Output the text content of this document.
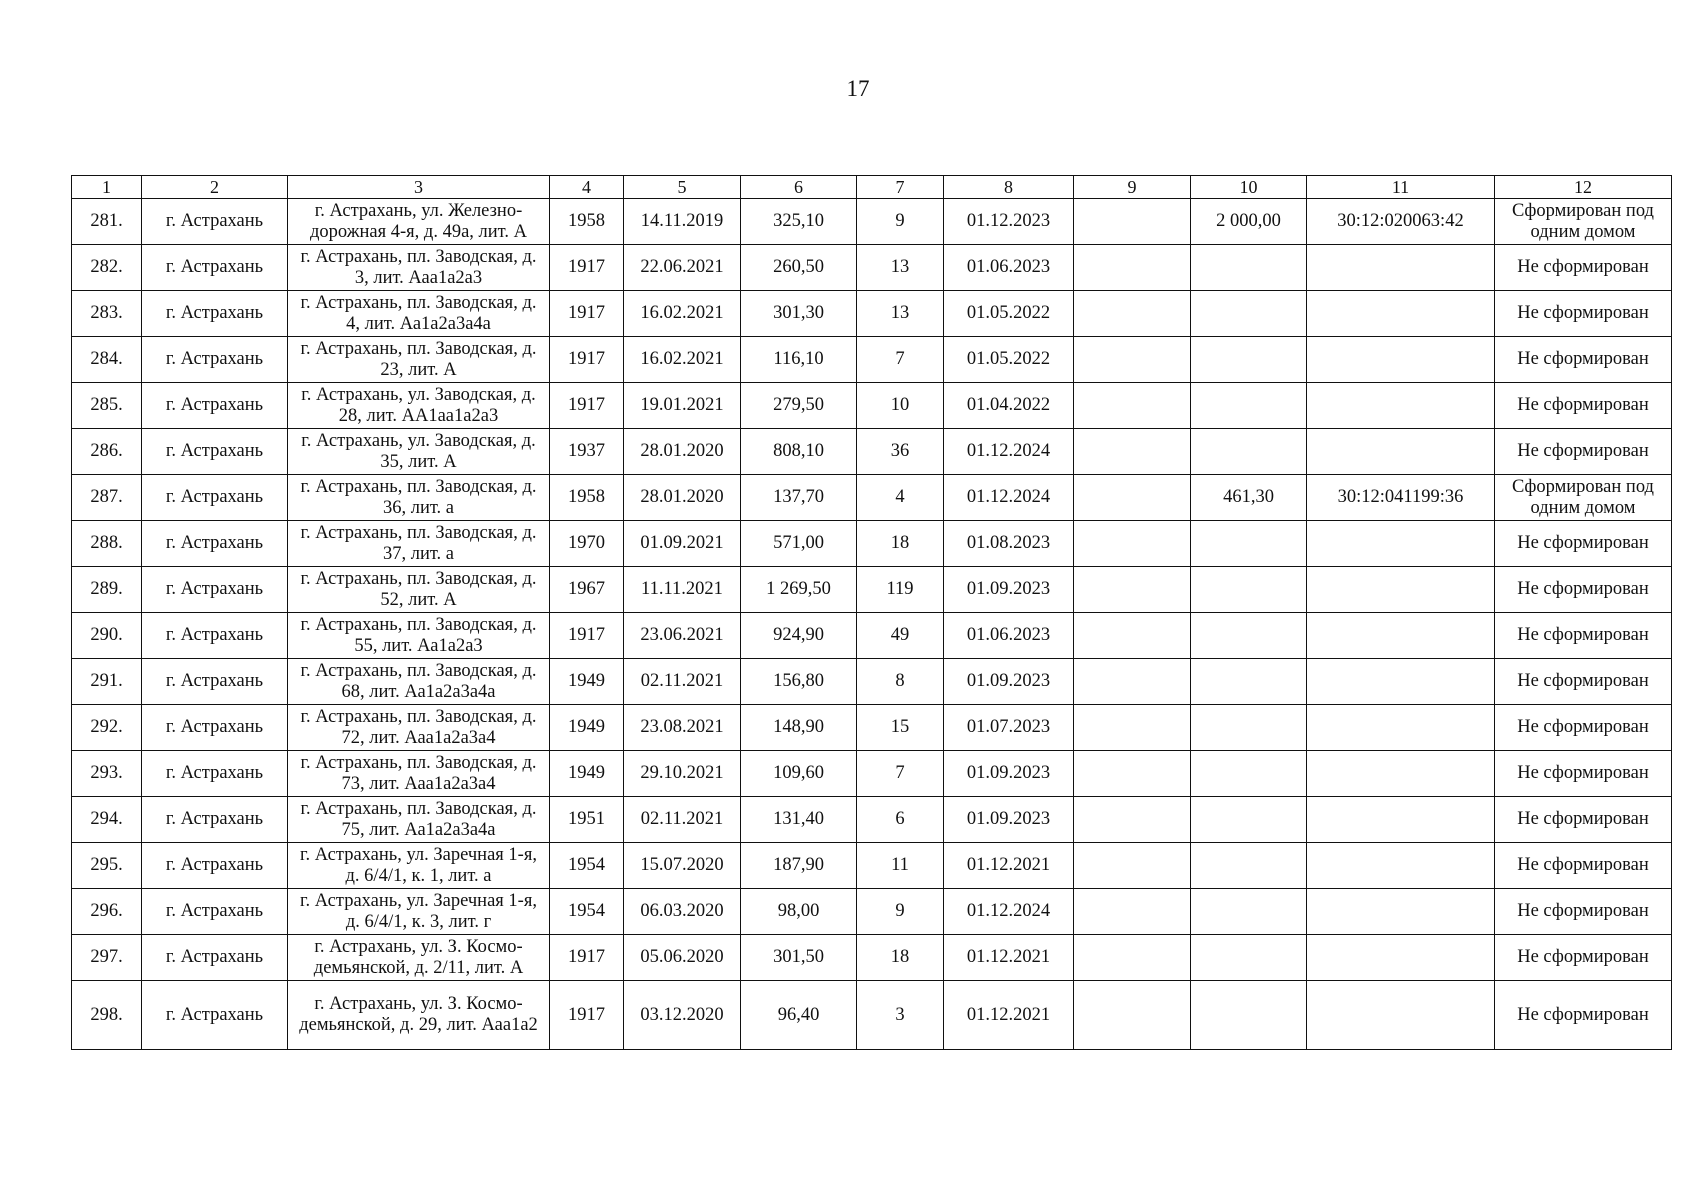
17
1	2	3	4	5	6	7	8	9	10	11	12
281.	г. Астрахань	г. Астрахань, ул. Железно-дорожная 4-я, д. 49а, лит. А	1958	14.11.2019	325,10	9	01.12.2023		2 000,00	30:12:020063:42	Сформирован под одним домом
282.	г. Астрахань	г. Астрахань, пл. Заводская, д. 3, лит. Ааа1а2а3	1917	22.06.2021	260,50	13	01.06.2023				Не сформирован
283.	г. Астрахань	г. Астрахань, пл. Заводская, д. 4, лит. Аа1а2а3а4а	1917	16.02.2021	301,30	13	01.05.2022				Не сформирован
284.	г. Астрахань	г. Астрахань, пл. Заводская, д. 23, лит. А	1917	16.02.2021	116,10	7	01.05.2022				Не сформирован
285.	г. Астрахань	г. Астрахань, ул. Заводская, д. 28, лит. АА1аа1а2а3	1917	19.01.2021	279,50	10	01.04.2022				Не сформирован
286.	г. Астрахань	г. Астрахань, ул. Заводская, д. 35, лит. А	1937	28.01.2020	808,10	36	01.12.2024				Не сформирован
287.	г. Астрахань	г. Астрахань, пл. Заводская, д. 36, лит. а	1958	28.01.2020	137,70	4	01.12.2024		461,30	30:12:041199:36	Сформирован под одним домом
288.	г. Астрахань	г. Астрахань, пл. Заводская, д. 37, лит. а	1970	01.09.2021	571,00	18	01.08.2023				Не сформирован
289.	г. Астрахань	г. Астрахань, пл. Заводская, д. 52, лит. А	1967	11.11.2021	1 269,50	119	01.09.2023				Не сформирован
290.	г. Астрахань	г. Астрахань, пл. Заводская, д. 55, лит. Аа1а2а3	1917	23.06.2021	924,90	49	01.06.2023				Не сформирован
291.	г. Астрахань	г. Астрахань, пл. Заводская, д. 68, лит. Аа1а2а3а4а	1949	02.11.2021	156,80	8	01.09.2023				Не сформирован
292.	г. Астрахань	г. Астрахань, пл. Заводская, д. 72, лит. Ааа1а2а3а4	1949	23.08.2021	148,90	15	01.07.2023				Не сформирован
293.	г. Астрахань	г. Астрахань, пл. Заводская, д. 73, лит. Ааа1а2а3а4	1949	29.10.2021	109,60	7	01.09.2023				Не сформирован
294.	г. Астрахань	г. Астрахань, пл. Заводская, д. 75, лит. Аа1а2а3а4а	1951	02.11.2021	131,40	6	01.09.2023				Не сформирован
295.	г. Астрахань	г. Астрахань, ул. Заречная 1-я, д. 6/4/1, к. 1, лит. а	1954	15.07.2020	187,90	11	01.12.2021				Не сформирован
296.	г. Астрахань	г. Астрахань, ул. Заречная 1-я, д. 6/4/1, к. 3, лит. г	1954	06.03.2020	98,00	9	01.12.2024				Не сформирован
297.	г. Астрахань	г. Астрахань, ул. З. Космо-демьянской, д. 2/11, лит. А	1917	05.06.2020	301,50	18	01.12.2021				Не сформирован
298.	г. Астрахань	г. Астрахань, ул. З. Космо-демьянской, д. 29, лит. Ааа1а2	1917	03.12.2020	96,40	3	01.12.2021				Не сформирован
